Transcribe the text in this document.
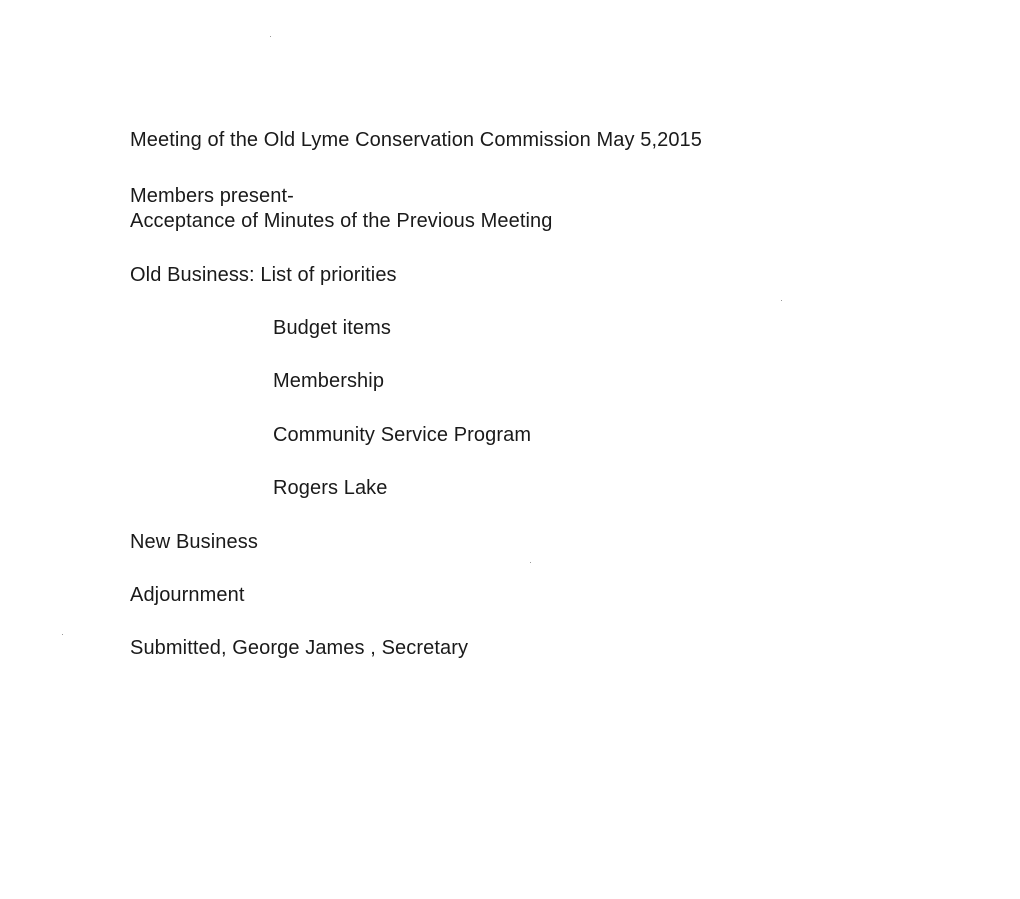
Meeting of the Old Lyme Conservation Commission May 5,2015
Members present-
Acceptance of Minutes of the Previous Meeting
Old Business: List of priorities
Budget items
Membership
Community Service Program
Rogers Lake
New Business
Adjournment
Submitted, George James , Secretary
